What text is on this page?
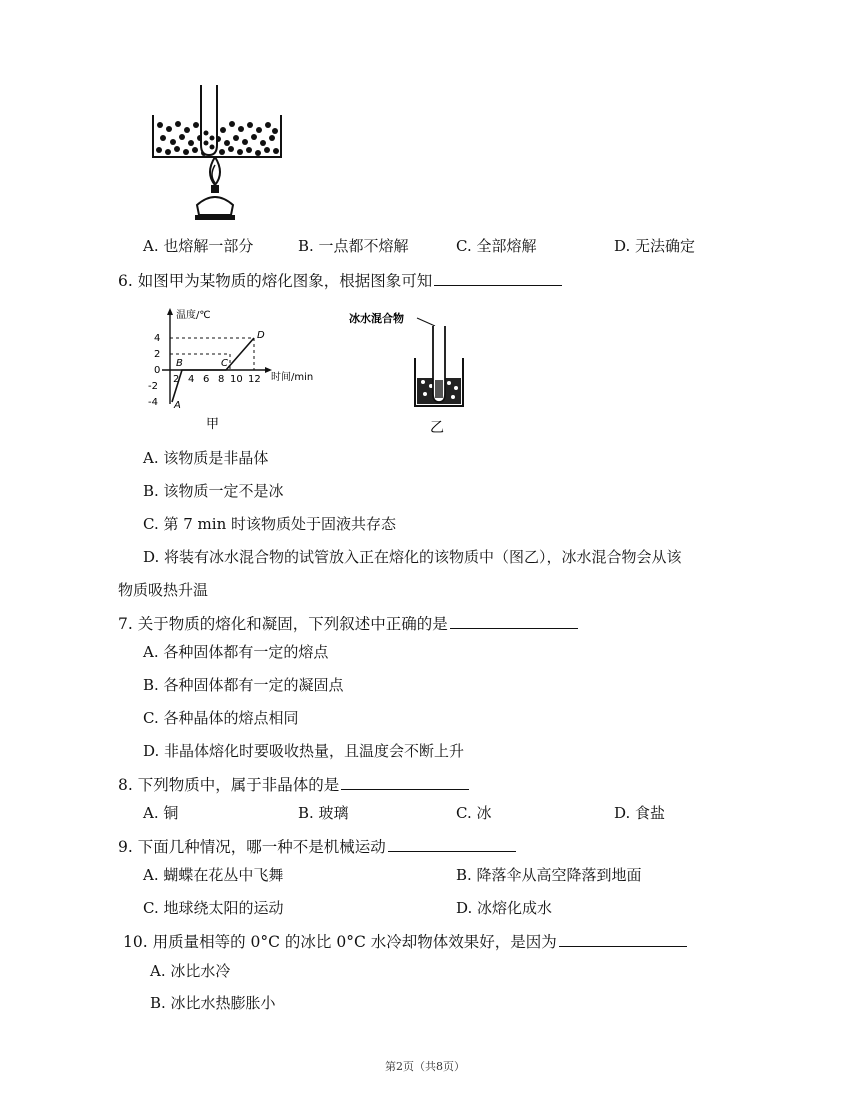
A. 也熔解一部分	B. 一点都不熔解	C. 全部熔解	D. 无法确定
6. 如图甲为某物质的熔化图象，根据图象可知
温度/℃
时间/min
4
2
0
-2
-4
2 4 6 8 10 12
A
B	C
D
甲
冰水混合物
乙
A. 该物质是非晶体
B. 该物质一定不是冰
C. 第 7 min 时该物质处于固液共存态
D. 将装有冰水混合物的试管放入正在熔化的该物质中（图乙），冰水混合物会从该
物质吸热升温
7. 关于物质的熔化和凝固，下列叙述中正确的是
A. 各种固体都有一定的熔点
B. 各种固体都有一定的凝固点
C. 各种晶体的熔点相同
D. 非晶体熔化时要吸收热量，且温度会不断上升
8. 下列物质中，属于非晶体的是
A. 铜	B. 玻璃	C. 冰	D. 食盐
9. 下面几种情况，哪一种不是机械运动
A. 蝴蝶在花丛中飞舞	B. 降落伞从高空降落到地面
C. 地球绕太阳的运动	D. 冰熔化成水
10. 用质量相等的 0°C 的冰比 0°C 水冷却物体效果好，是因为
A. 冰比水冷
B. 冰比水热膨胀小
第2页（共8页）
